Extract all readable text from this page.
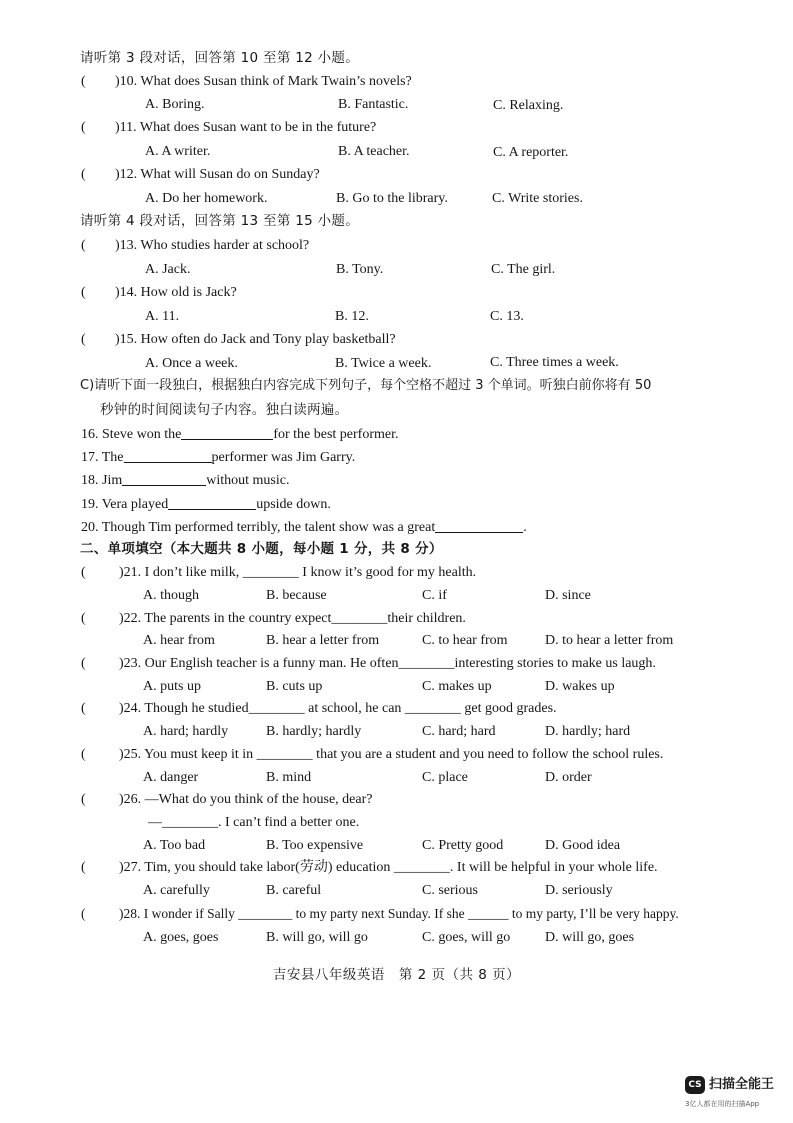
请听第 3 段对话，回答第 10 至第 12 小题。
( )10. What does Susan think of Mark Twain’s novels?
A. Boring.	B. Fantastic.	C. Relaxing.
( )11. What does Susan want to be in the future?
A. A writer.	B. A teacher.	C. A reporter.
( )12. What will Susan do on Sunday?
A. Do her homework.	B. Go to the library.	C. Write stories.
请听第 4 段对话，回答第 13 至第 15 小题。
( )13. Who studies harder at school?
A. Jack.	B. Tony.	C. The girl.
( )14. How old is Jack?
A. 11.	B. 12.	C. 13.
( )15. How often do Jack and Tony play basketball?
A. Once a week.	B. Twice a week.	C. Three times a week.
C)请听下面一段独白，根据独白内容完成下列句子，每个空格不超过 3 个单词。听独白前你将有 50
秒钟的时间阅读句子内容。独白读两遍。
16. Steve won the	for the best performer.
17. The	performer was Jim Garry.
18. Jim	without music.
19. Vera played	upside down.
20. Though Tim performed terribly, the talent show was a great	.
二、单项填空（本大题共 8 小题，每小题 1 分，共 8 分）
( )21. I don’t like milk, ________ I know it’s good for my health.
A. though	B. because	C. if	D. since
( )22. The parents in the country expect________their children.
A. hear from	B. hear a letter from	C. to hear from	D. to hear a letter from
( )23. Our English teacher is a funny man. He often________interesting stories to make us laugh.
A. puts up	B. cuts up	C. makes up	D. wakes up
( )24. Though he studied________ at school, he can ________ get good grades.
A. hard; hardly	B. hardly; hardly	C. hard; hard	D. hardly; hard
( )25. You must keep it in ________ that you are a student and you need to follow the school rules.
A. danger	B. mind	C. place	D. order
( )26. —What do you think of the house, dear?
—________. I can’t find a better one.
A. Too bad	B. Too expensive	C. Pretty good	D. Good idea
( )27. Tim, you should take labor(劳动) education ________. It will be helpful in your whole life.
A. carefully	B. careful	C. serious	D. seriously
( )28. I wonder if Sally ________ to my party next Sunday. If she ______ to my party, I’ll be very happy.
A. goes, goes	B. will go, will go	C. goes, will go D. will go, goes
吉安县八年级英语　第 2 页（共 8 页）
CS 扫描全能王
3亿人都在用的扫描App
